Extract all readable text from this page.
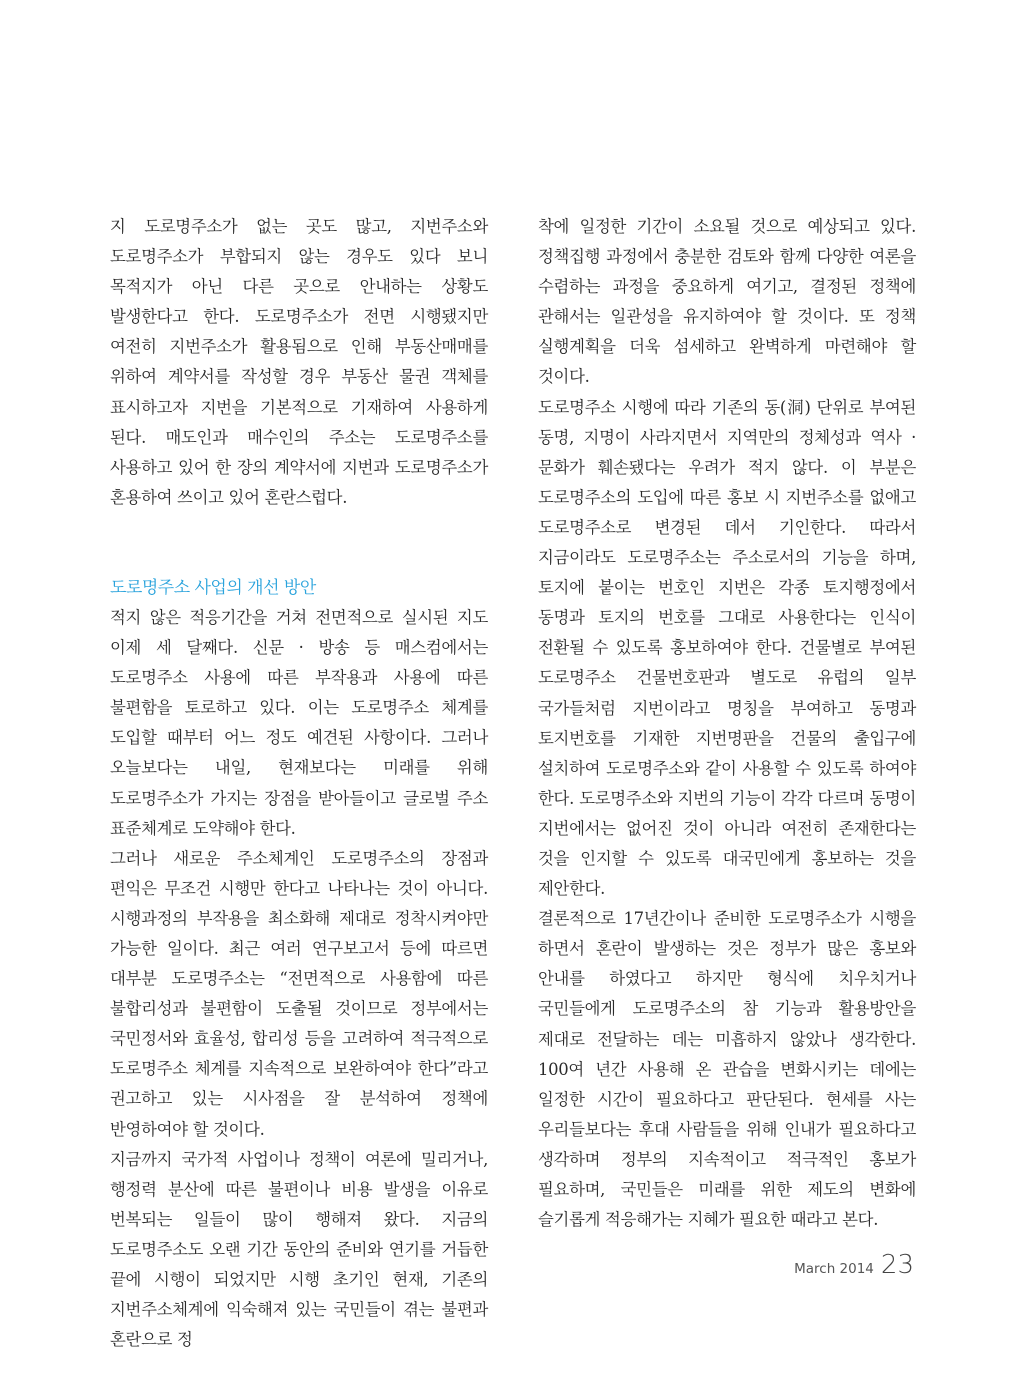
지 도로명주소가 없는 곳도 많고, 지번주소와 도로명주소가 부합되지 않는 경우도 있다 보니 목적지가 아닌 다른 곳으로 안내하는 상황도 발생한다고 한다. 도로명주소가 전면 시행됐지만 여전히 지번주소가 활용됨으로 인해 부동산매매를 위하여 계약서를 작성할 경우 부동산 물권 객체를 표시하고자 지번을 기본적으로 기재하여 사용하게 된다. 매도인과 매수인의 주소는 도로명주소를 사용하고 있어 한 장의 계약서에 지번과 도로명주소가 혼용하여 쓰이고 있어 혼란스럽다.

도로명주소 사업의 개선 방안

적지 않은 적응기간을 거쳐 전면적으로 실시된 지도 이제 세 달째다. 신문 · 방송 등 매스컴에서는 도로명주소 사용에 따른 부작용과 사용에 따른 불편함을 토로하고 있다. 이는 도로명주소 체계를 도입할 때부터 어느 정도 예견된 사항이다. 그러나 오늘보다는 내일, 현재보다는 미래를 위해 도로명주소가 가지는 장점을 받아들이고 글로벌 주소 표준체계로 도약해야 한다.

그러나 새로운 주소체계인 도로명주소의 장점과 편익은 무조건 시행만 한다고 나타나는 것이 아니다. 시행과정의 부작용을 최소화해 제대로 정착시켜야만 가능한 일이다. 최근 여러 연구보고서 등에 따르면 대부분 도로명주소는 “전면적으로 사용함에 따른 불합리성과 불편함이 도출될 것이므로 정부에서는 국민정서와 효율성, 합리성 등을 고려하여 적극적으로 도로명주소 체계를 지속적으로 보완하여야 한다”라고 권고하고 있는 시사점을 잘 분석하여 정책에 반영하여야 할 것이다.

지금까지 국가적 사업이나 정책이 여론에 밀리거나, 행정력 분산에 따른 불편이나 비용 발생을 이유로 번복되는 일들이 많이 행해져 왔다. 지금의 도로명주소도 오랜 기간 동안의 준비와 연기를 거듭한 끝에 시행이 되었지만 시행 초기인 현재, 기존의 지번주소체계에 익숙해져 있는 국민들이 겪는 불편과 혼란으로 정

착에 일정한 기간이 소요될 것으로 예상되고 있다. 정책집행 과정에서 충분한 검토와 함께 다양한 여론을 수렴하는 과정을 중요하게 여기고, 결정된 정책에 관해서는 일관성을 유지하여야 할 것이다. 또 정책 실행계획을 더욱 섬세하고 완벽하게 마련해야 할 것이다.

도로명주소 시행에 따라 기존의 동(洞) 단위로 부여된 동명, 지명이 사라지면서 지역만의 정체성과 역사 · 문화가 훼손됐다는 우려가 적지 않다. 이 부분은 도로명주소의 도입에 따른 홍보 시 지번주소를 없애고 도로명주소로 변경된 데서 기인한다. 따라서 지금이라도 도로명주소는 주소로서의 기능을 하며, 토지에 붙이는 번호인 지번은 각종 토지행정에서 동명과 토지의 번호를 그대로 사용한다는 인식이 전환될 수 있도록 홍보하여야 한다. 건물별로 부여된 도로명주소 건물번호판과 별도로 유럽의 일부 국가들처럼 지번이라고 명칭을 부여하고 동명과 토지번호를 기재한 지번명판을 건물의 출입구에 설치하여 도로명주소와 같이 사용할 수 있도록 하여야 한다. 도로명주소와 지번의 기능이 각각 다르며 동명이 지번에서는 없어진 것이 아니라 여전히 존재한다는 것을 인지할 수 있도록 대국민에게 홍보하는 것을 제안한다.

결론적으로 17년간이나 준비한 도로명주소가 시행을 하면서 혼란이 발생하는 것은 정부가 많은 홍보와 안내를 하였다고 하지만 형식에 치우치거나 국민들에게 도로명주소의 참 기능과 활용방안을 제대로 전달하는 데는 미흡하지 않았나 생각한다. 100여 년간 사용해 온 관습을 변화시키는 데에는 일정한 시간이 필요하다고 판단된다. 현세를 사는 우리들보다는 후대 사람들을 위해 인내가 필요하다고 생각하며 정부의 지속적이고 적극적인 홍보가 필요하며, 국민들은 미래를 위한 제도의 변화에 슬기롭게 적응해가는 지혜가 필요한 때라고 본다.

March 2014 23
